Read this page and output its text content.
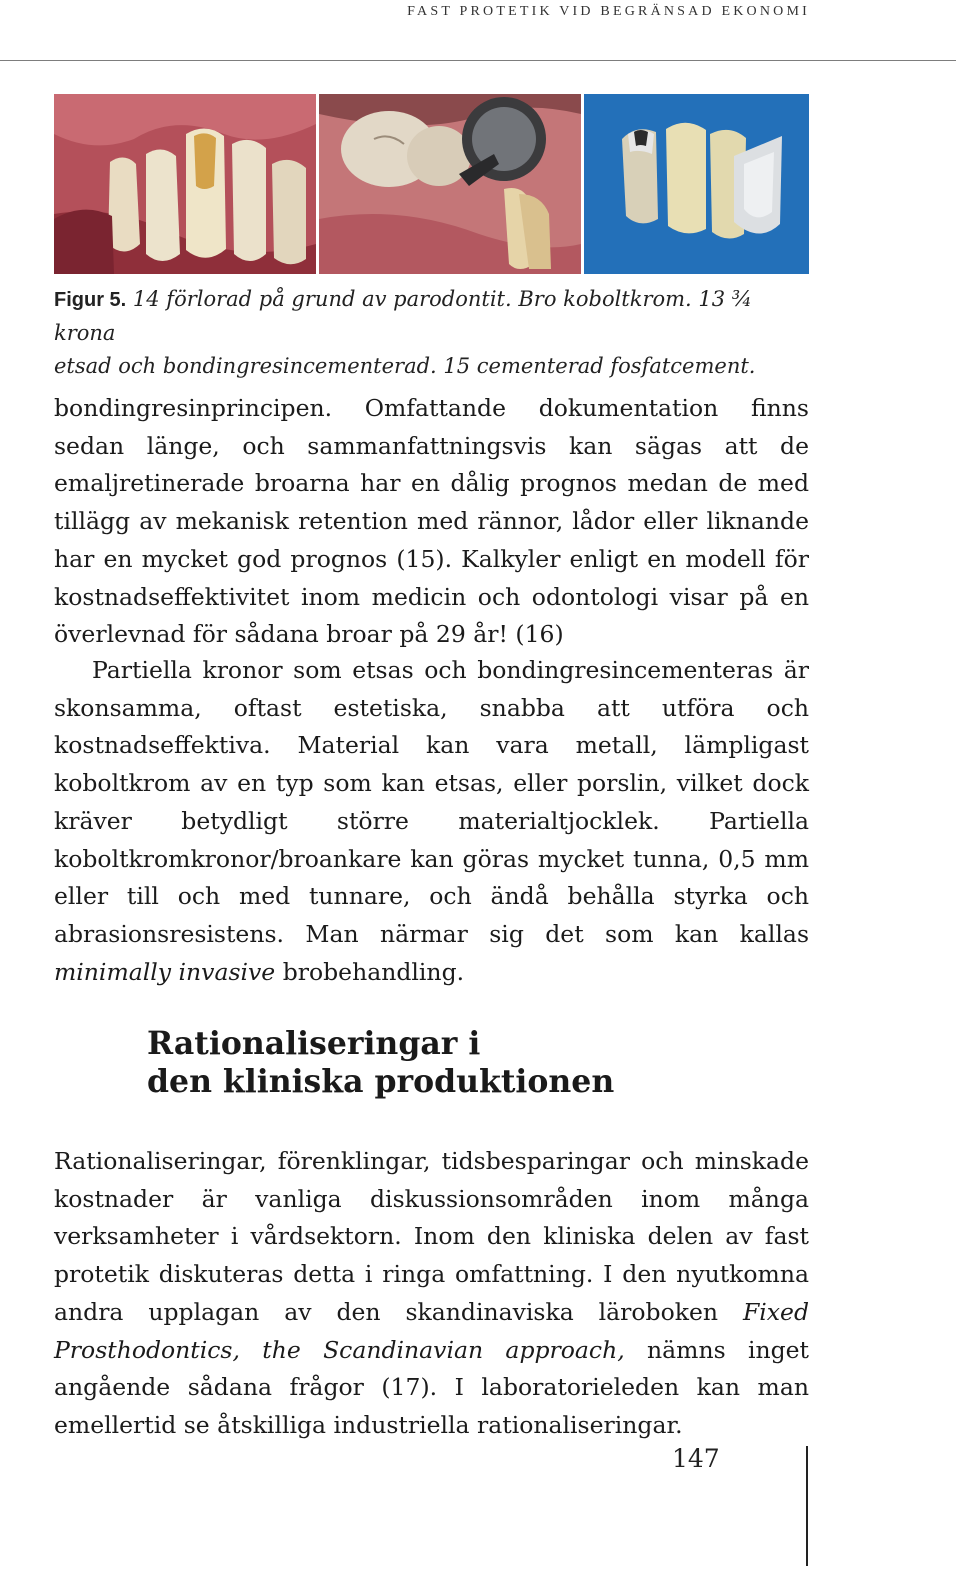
FAST PROTETIK VID BEGRÄNSAD EKONOMI
Figur 5. 14 förlorad på grund av parodontit. Bro koboltkrom. 13 ¾ krona
etsad och bondingresincementerad. 15 cementerad fosfatcement.

bondingresinprincipen. Omfattande dokumentation finns sedan länge, och sammanfattningsvis kan sägas att de emaljretinerade broarna har en dålig prognos medan de med tillägg av mekanisk retention med rännor, lådor eller liknande har en mycket god prognos (15). Kalkyler enligt en modell för kostnadseffektivitet inom medicin och odontologi visar på en överlevnad för sådana broar på 29 år! (16)

Partiella kronor som etsas och bondingresincementeras är skonsamma, oftast estetiska, snabba att utföra och kostnadseffektiva. Material kan vara metall, lämpligast koboltkrom av en typ som kan etsas, eller porslin, vilket dock kräver betydligt större materialtjocklek. Partiella koboltkromkronor/broankare kan göras mycket tunna, 0,5 mm eller till och med tunnare, och ändå behålla styrka och abrasionsresistens. Man närmar sig det som kan kallas minimally invasive brobehandling.

Rationaliseringar i
den kliniska produktionen

Rationaliseringar, förenklingar, tidsbesparingar och minskade kostnader är vanliga diskussionsområden inom många verksamheter i vårdsektorn. Inom den kliniska delen av fast protetik diskuteras detta i ringa omfattning. I den nyutkomna andra upplagan av den skandinaviska läroboken Fixed Prosthodontics, the Scandinavian approach, nämns inget angående sådana frågor (17). I laboratorieleden kan man emellertid se åtskilliga industriella rationaliseringar.

147
